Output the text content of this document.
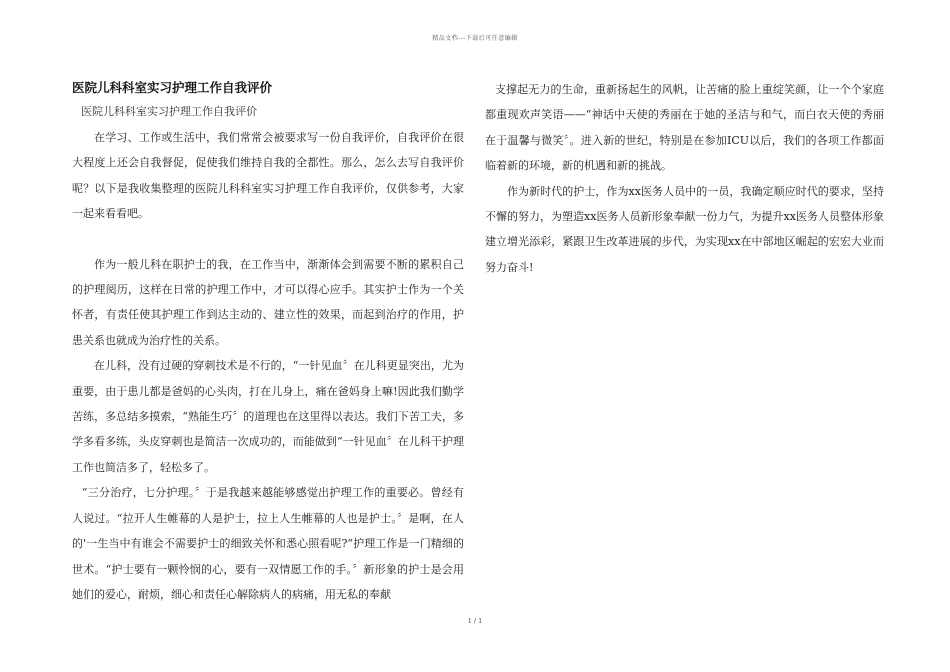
精品文档---下载后可任意编辑
医院儿科科室实习护理工作自我评价
医院儿科科室实习护理工作自我评价

在学习、工作或生活中，我们常常会被要求写一份自我评价，自我评价在很大程度上还会自我督促，促使我们维持自我的全都性。那么，怎么去写自我评价呢？以下是我收集整理的医院儿科科室实习护理工作自我评价，仅供参考，大家一起来看看吧。

作为一般儿科在职护士的我，在工作当中，渐渐体会到需要不断的累积自己的护理阅历，这样在日常的护理工作中，才可以得心应手。其实护士作为一个关怀者，有责任使其护理工作到达主动的、建立性的效果，而起到治疗的作用，护患关系也就成为治疗性的关系。

在儿科，没有过硬的穿刺技术是不行的，“一针见血〞在儿科更显突出，尤为重要，由于患儿都是爸妈的心头肉，打在儿身上，痛在爸妈身上嘛!因此我们勤学苦练，多总结多摸索，“熟能生巧〞的道理也在这里得以表达。我们下苦工夫，多学多看多练，头皮穿刺也是简洁一次成功的，而能做到“一针见血〞在儿科干护理工作也简洁多了，轻松多了。

“三分治疗，七分护理。〞于是我越来越能够感觉出护理工作的重要必。曾经有人说过。“拉开人生帷幕的人是护士，拉上人生帷幕的人也是护士。〞是啊，在人的'一生当中有谁会不需要护士的细致关怀和悉心照看呢?“护理工作是一门精细的世术。“护士要有一颗怜悯的心，要有一双情愿工作的手。〞新形象的护士是会用她们的爱心，耐烦，细心和责任心解除病人的病痛，用无私的奉献

支撑起无力的生命，重新扬起生的风帆，让苦痛的脸上重绽笑颜，让一个个家庭都重现欢声笑语——“神话中天使的秀丽在于她的圣洁与和气，而白衣天使的秀丽在于温馨与微笑〞。进入新的世纪，特别是在参加ICU以后，我们的各项工作都面临着新的环境，新的机遇和新的挑战。

作为新时代的护士，作为xx医务人员中的一员，我确定顺应时代的要求，坚持不懈的努力，为塑造xx医务人员新形象奉献一份力气，为提升xx医务人员整体形象建立增光添彩，紧跟卫生改革进展的步代，为实现xx在中部地区崛起的宏宏大业而努力奋斗!

1 / 1
